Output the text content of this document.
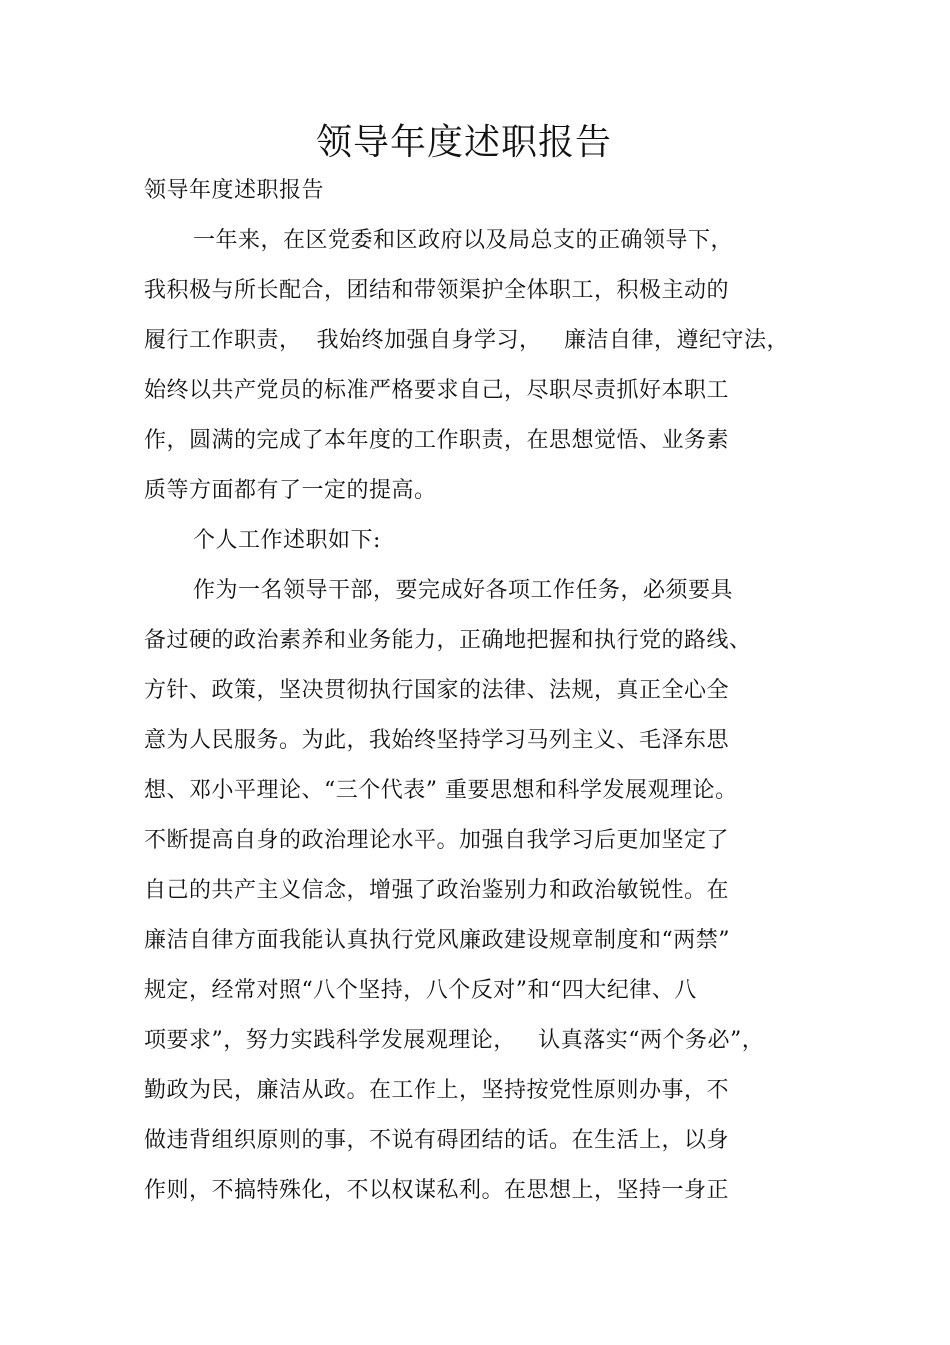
领导年度述职报告
领导年度述职报告
一年来，在区党委和区政府以及局总支的正确领导下，
我积极与所长配合，团结和带领渠护全体职工，积极主动的
履行工作职责，  我始终加强自身学习，   廉洁自律，遵纪守法，
始终以共产党员的标准严格要求自己，尽职尽责抓好本职工
作，圆满的完成了本年度的工作职责，在思想觉悟、业务素
质等方面都有了一定的提高。
个人工作述职如下:
作为一名领导干部，要完成好各项工作任务，必须要具
备过硬的政治素养和业务能力，正确地把握和执行党的路线、
方针、政策，坚决贯彻执行国家的法律、法规，真正全心全
意为人民服务。为此，我始终坚持学习马列主义、毛泽东思
想、邓小平理论、“三个代表” 重要思想和科学发展观理论。
不断提高自身的政治理论水平。加强自我学习后更加坚定了
自己的共产主义信念，增强了政治鉴别力和政治敏锐性。在
廉洁自律方面我能认真执行党风廉政建设规章制度和“两禁”
规定，经常对照“八个坚持，八个反对”和“四大纪律、八
项要求”，努力实践科学发展观理论，   认真落实“两个务必”，
勤政为民，廉洁从政。在工作上，坚持按党性原则办事，不
做违背组织原则的事，不说有碍团结的话。在生活上，以身
作则，不搞特殊化，不以权谋私利。在思想上，坚持一身正
